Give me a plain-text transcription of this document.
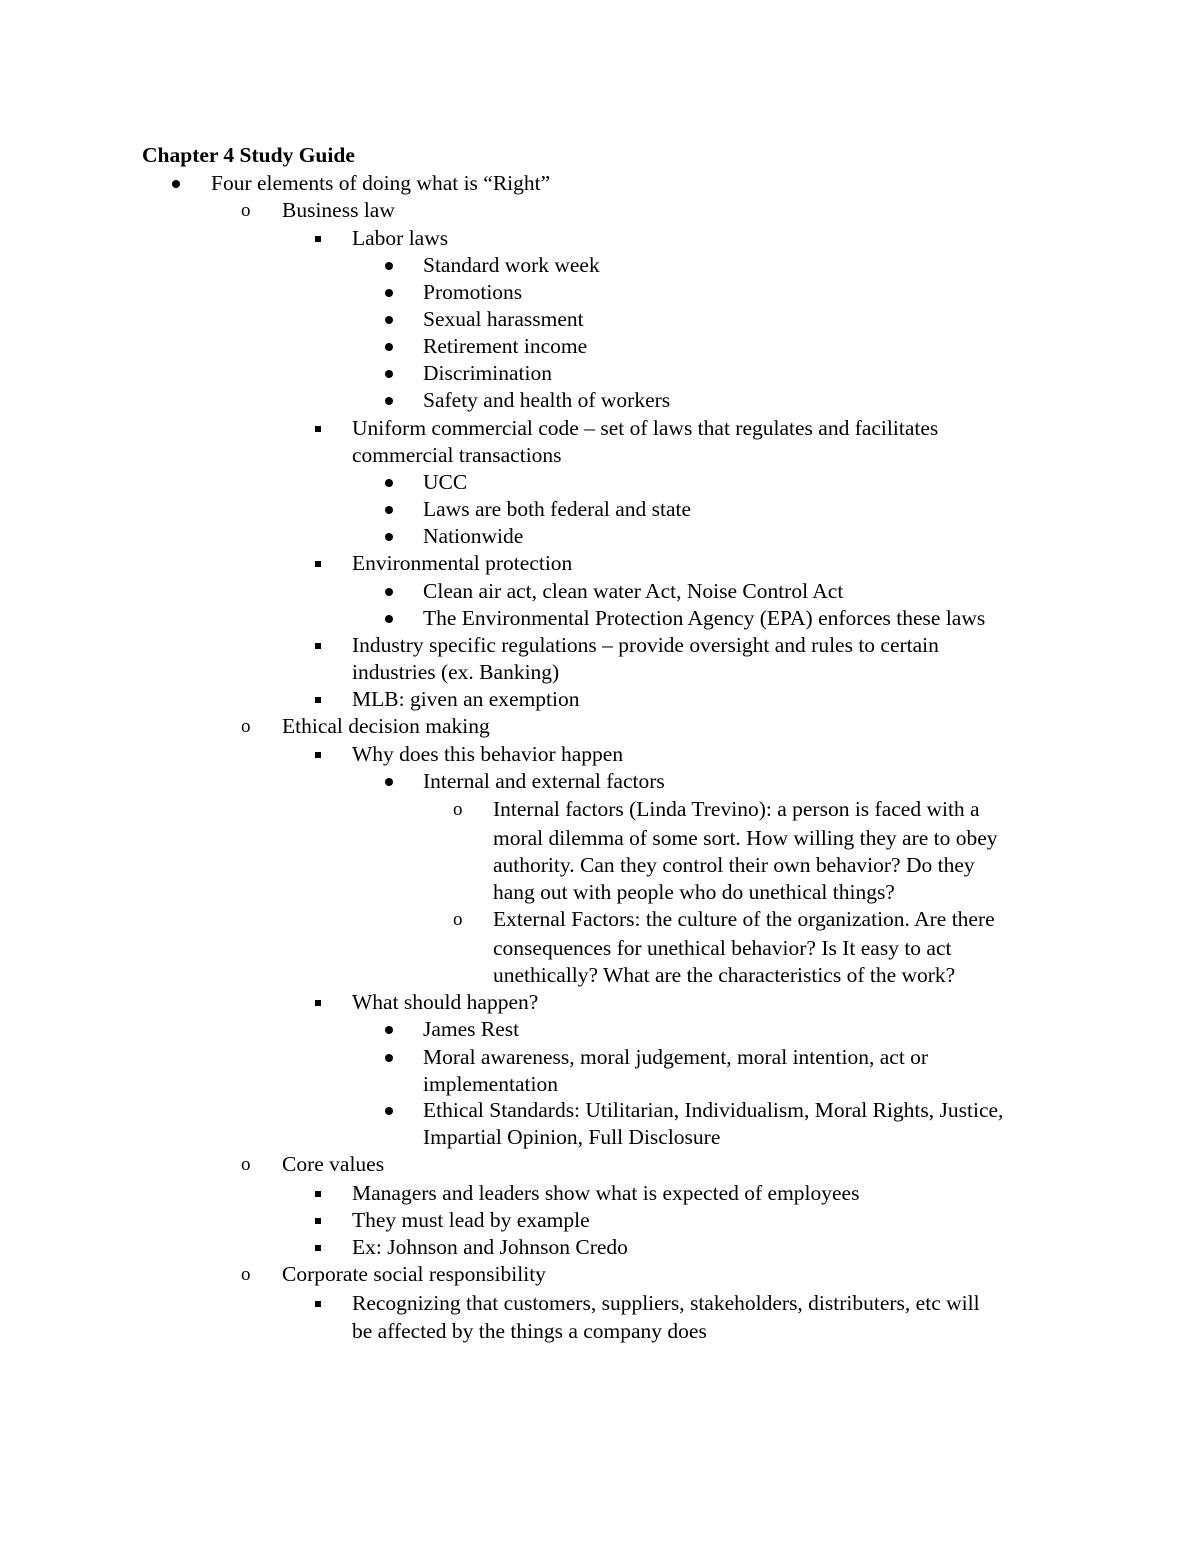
Chapter 4 Study Guide
Four elements of doing what is “Right”
Business law
o
Labor laws
Standard work week
Promotions
Sexual harassment
Retirement income
Discrimination
Safety and health of workers
Uniform commercial code – set of laws that regulates and facilitates
commercial transactions
UCC
Laws are both federal and state
Nationwide
Environmental protection
Clean air act, clean water Act, Noise Control Act
The Environmental Protection Agency (EPA) enforces these laws
Industry specific regulations – provide oversight and rules to certain
industries (ex. Banking)
MLB: given an exemption
Ethical decision making
o
Why does this behavior happen
Internal and external factors
Internal factors (Linda Trevino): a person is faced with a
o
moral dilemma of some sort. How willing they are to obey
authority. Can they control their own behavior? Do they
hang out with people who do unethical things?
External Factors: the culture of the organization. Are there
o
consequences for unethical behavior? Is It easy to act
unethically? What are the characteristics of the work?
What should happen?
James Rest
Moral awareness, moral judgement, moral intention, act or
implementation
Ethical Standards: Utilitarian, Individualism, Moral Rights, Justice,
Impartial Opinion, Full Disclosure
Core values
o
Managers and leaders show what is expected of employees
They must lead by example
Ex: Johnson and Johnson Credo
Corporate social responsibility
o
Recognizing that customers, suppliers, stakeholders, distributers, etc will
be affected by the things a company does
